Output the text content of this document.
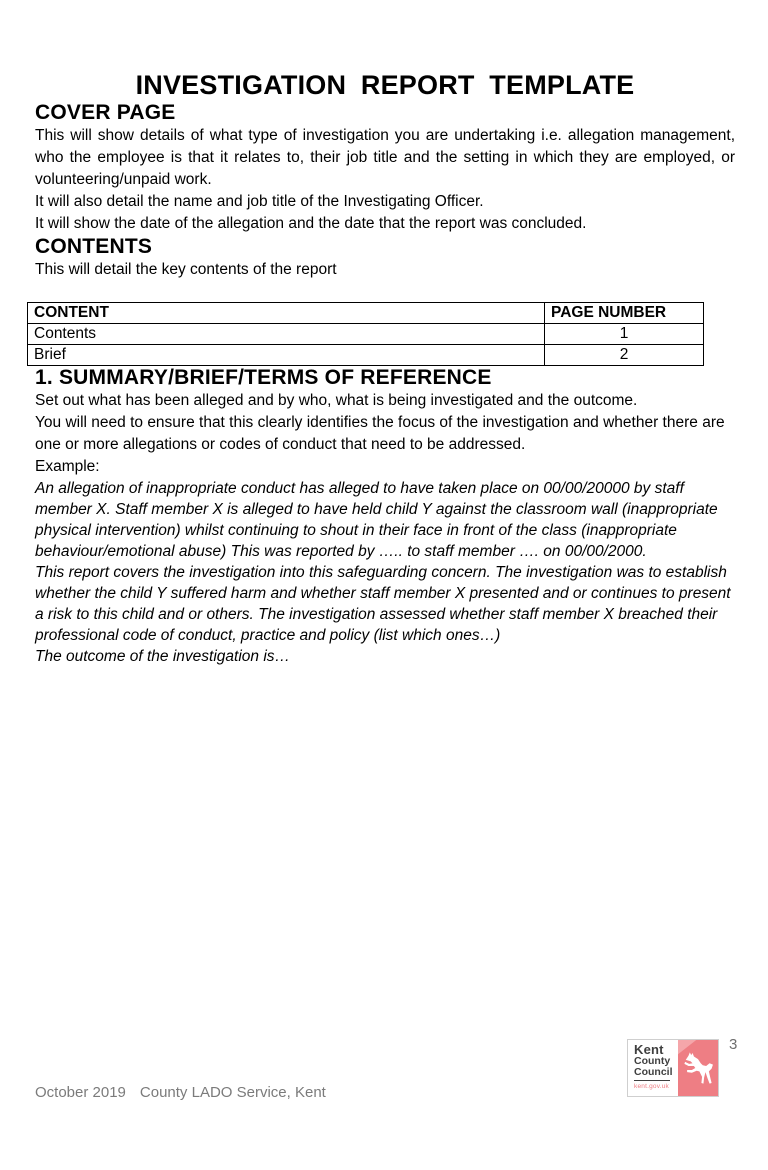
INVESTIGATION REPORT TEMPLATE
COVER PAGE

This will show details of what type of investigation you are undertaking i.e. allegation management, who the employee is that it relates to, their job title and the setting in which they are employed, or volunteering/unpaid work.

It will also detail the name and job title of the Investigating Officer.

It will show the date of the allegation and the date that the report was concluded.

CONTENTS

This will detail the key contents of the report

CONTENT	PAGE NUMBER
Contents	1
Brief	2
1. SUMMARY/BRIEF/TERMS OF REFERENCE

Set out what has been alleged and by who, what is being investigated and the outcome.

You will need to ensure that this clearly identifies the focus of the investigation and whether there are one or more allegations or codes of conduct that need to be addressed.

Example:

An allegation of inappropriate conduct has alleged to have taken place on 00/00/20000 by staff member X. Staff member X is alleged to have held child Y against the classroom wall (inappropriate physical intervention) whilst continuing to shout in their face in front of the class (inappropriate behaviour/emotional abuse) This was reported by ….. to staff member …. on 00/00/2000.

This report covers the investigation into this safeguarding concern. The investigation was to establish whether the child Y suffered harm and whether staff member X presented and or continues to present a risk to this child and or others. The investigation assessed whether staff member X breached their professional code of conduct, practice and policy (list which ones…)

The outcome of the investigation is…

October 2019 County LADO Service, Kent
Kent
County
Council
kent.gov.uk
3
